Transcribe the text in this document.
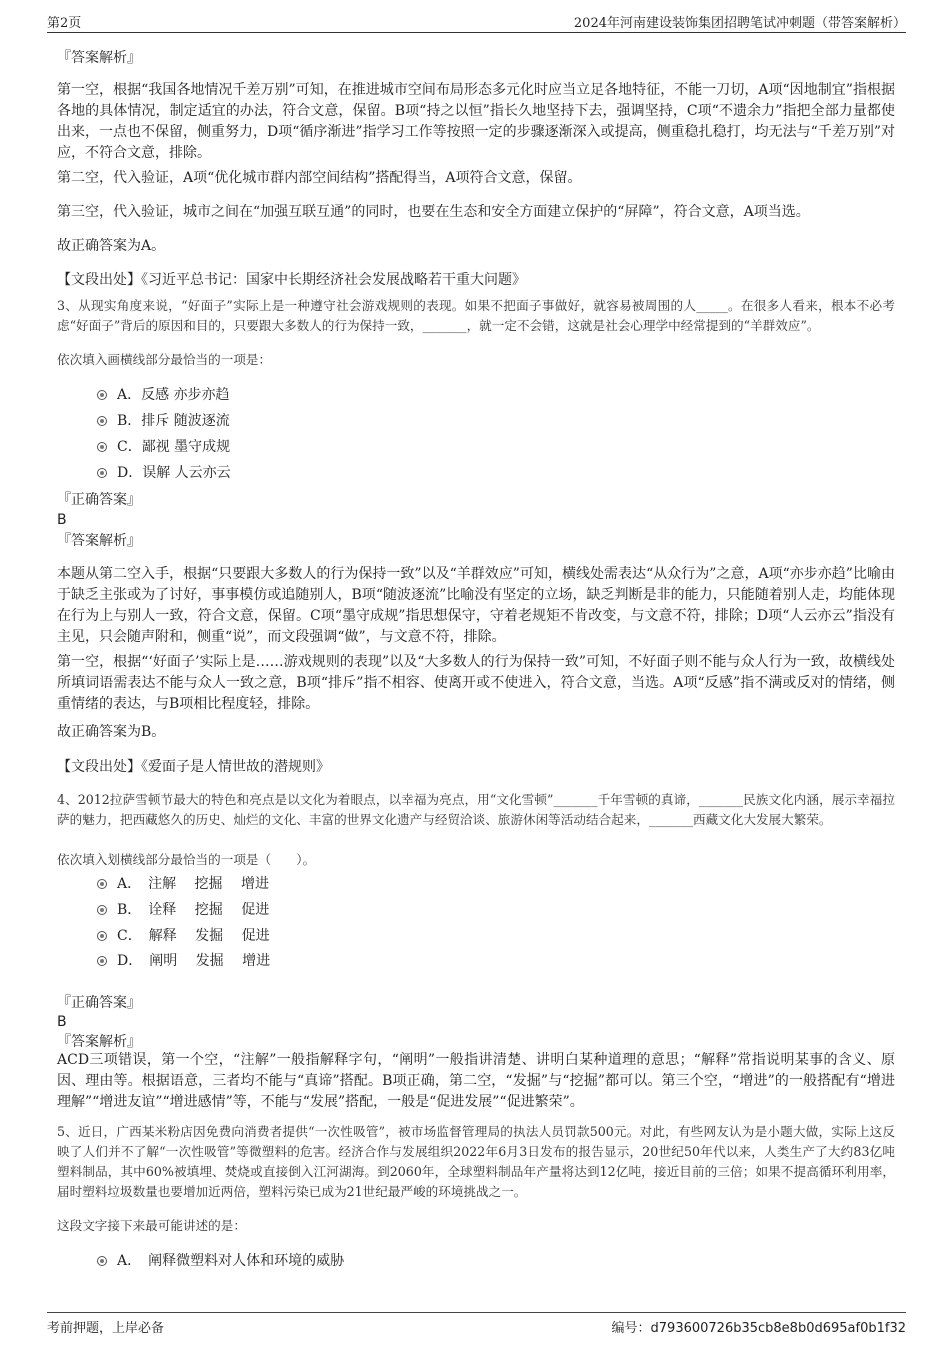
第2页	2024年河南建设装饰集团招聘笔试冲刺题（带答案解析）
『答案解析』
第一空，根据“我国各地情况千差万别”可知，在推进城市空间布局形态多元化时应当立足各地特征，不能一刀切，A项“因地制宜”指根据各地的具体情况，制定适宜的办法，符合文意，保留。B项“持之以恒”指长久地坚持下去，强调坚持，C项“不遗余力”指把全部力量都使出来，一点也不保留，侧重努力，D项“循序渐进”指学习工作等按照一定的步骤逐渐深入或提高，侧重稳扎稳打，均无法与“千差万别”对应，不符合文意，排除。
第二空，代入验证，A项“优化城市群内部空间结构”搭配得当，A项符合文意，保留。
第三空，代入验证，城市之间在“加强互联互通”的同时，也要在生态和安全方面建立保护的“屏障”，符合文意，A项当选。
故正确答案为A。
【文段出处】《习近平总书记：国家中长期经济社会发展战略若干重大问题》
3、从现实角度来说，“好面子”实际上是一种遵守社会游戏规则的表现。如果不把面子事做好，就容易被周围的人_____。在很多人看来，根本不必考虑“好面子”背后的原因和目的，只要跟大多数人的行为保持一致，_______，就一定不会错，这就是社会心理学中经常提到的“羊群效应”。
依次填入画横线部分最恰当的一项是：
A．反感 亦步亦趋
B．排斥 随波逐流
C．鄙视 墨守成规
D．误解 人云亦云
『正确答案』
B
『答案解析』
本题从第二空入手，根据“只要跟大多数人的行为保持一致”以及“羊群效应”可知，横线处需表达“从众行为”之意，A项“亦步亦趋”比喻由于缺乏主张或为了讨好，事事模仿或追随别人，B项“随波逐流”比喻没有坚定的立场，缺乏判断是非的能力，只能随着别人走，均能体现在行为上与别人一致，符合文意，保留。C项“墨守成规”指思想保守，守着老规矩不肯改变，与文意不符，排除；D项“人云亦云”指没有主见，只会随声附和，侧重“说”，而文段强调“做”，与文意不符，排除。
第一空，根据“‘好面子’实际上是……游戏规则的表现”以及“大多数人的行为保持一致”可知，不好面子则不能与众人行为一致，故横线处所填词语需表达不能与众人一致之意，B项“排斥”指不相容、使离开或不使进入，符合文意，当选。A项“反感”指不满或反对的情绪，侧重情绪的表达，与B项相比程度轻，排除。
故正确答案为B。
【文段出处】《爱面子是人情世故的潜规则》
4、2012拉萨雪顿节最大的特色和亮点是以文化为着眼点，以幸福为亮点，用“文化雪顿”_______千年雪顿的真谛，_______民族文化内涵，展示幸福拉萨的魅力，把西藏悠久的历史、灿烂的文化、丰富的世界文化遗产与经贸洽谈、旅游休闲等活动结合起来，_______西藏文化大发展大繁荣。
依次填入划横线部分最恰当的一项是（　　）。
A．　注解　 挖掘　 增进
B．　诠释　 挖掘　 促进
C．　解释　 发掘　 促进
D．　阐明　 发掘　 增进
『正确答案』
B
『答案解析』
ACD三项错误，第一个空，“注解”一般指解释字句，“阐明”一般指讲清楚、讲明白某种道理的意思；“解释”常指说明某事的含义、原因、理由等。根据语意，三者均不能与“真谛”搭配。B项正确，第二空，“发掘”与“挖掘”都可以。第三个空，“增进”的一般搭配有“增进理解”“增进友谊”“增进感情”等，不能与“发展”搭配，一般是“促进发展”“促进繁荣”。
5、近日，广西某米粉店因免费向消费者提供“一次性吸管”，被市场监督管理局的执法人员罚款500元。对此，有些网友认为是小题大做，实际上这反映了人们并不了解“一次性吸管”等微塑料的危害。经济合作与发展组织2022年6月3日发布的报告显示，20世纪50年代以来，人类生产了大约83亿吨塑料制品，其中60%被填埋、焚烧或直接倒入江河湖海。到2060年，全球塑料制品年产量将达到12亿吨，接近目前的三倍；如果不提高循环利用率，届时塑料垃圾数量也要增加近两倍，塑料污染已成为21世纪最严峻的环境挑战之一。
这段文字接下来最可能讲述的是：
A．　阐释微塑料对人体和环境的威胁
考前押题，上岸必备	编号：d793600726b35cb8e8b0d695af0b1f32
